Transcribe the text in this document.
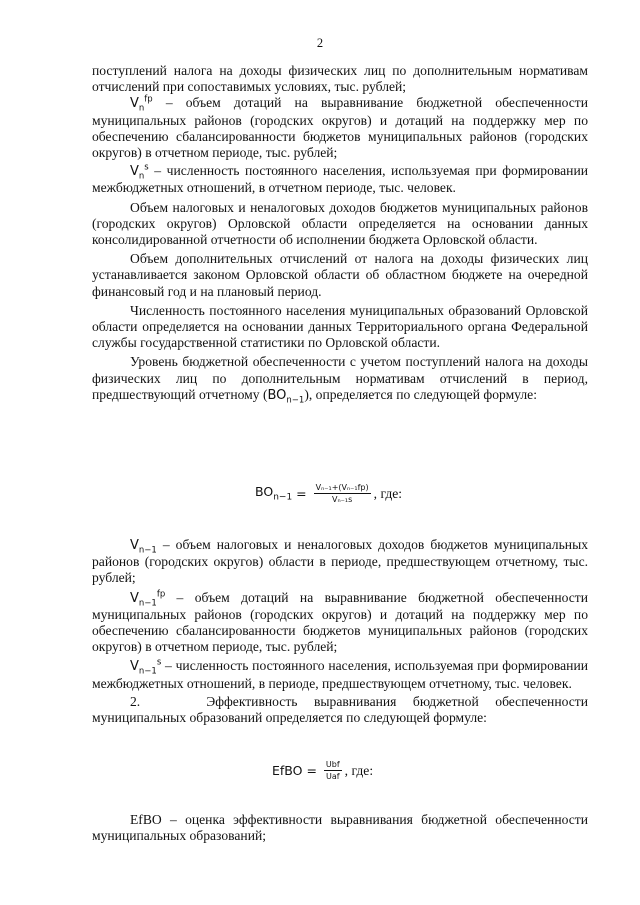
2

поступлений налога на доходы физических лиц по дополнительным нормативам отчислений при сопоставимых условиях, тыс. рублей;

$V_n^{fp}$ – объем дотаций на выравнивание бюджетной обеспеченности муниципальных районов (городских округов) и дотаций на поддержку мер по обеспечению сбалансированности бюджетов муниципальных районов (городских округов) в отчетном периоде, тыс. рублей;

$V_n^s$ – численность постоянного населения, используемая при формировании межбюджетных отношений, в отчетном периоде, тыс. человек.

Объем налоговых и неналоговых доходов бюджетов муниципальных районов (городских округов) Орловской области определяется на основании данных консолидированной отчетности об исполнении бюджета Орловской области.

Объем дополнительных отчислений от налога на доходы физических лиц устанавливается законом Орловской области об областном бюджете на очередной финансовый год и на плановый период.

Численность постоянного населения муниципальных образований Орловской области определяется на основании данных Территориального органа Федеральной службы государственной статистики по Орловской области.

Уровень бюджетной обеспеченности с учетом поступлений налога на доходы физических лиц по дополнительным нормативам отчислений в период, предшествующий отчетному $(BO_{n-1})$, определяется по следующей формуле:

$BO_{n-1} = \frac{\text{Vₙ₋₁+(Vₙ₋₁fp)}}{\text{Vₙ₋₁s}}$ , где:

$V_{n-1}$ – объем налоговых и неналоговых доходов бюджетов муниципальных районов (городских округов) области в периоде, предшествующем отчетному, тыс. рублей;

$V_{n-1}^{fp}$ – объем дотаций на выравнивание бюджетной обеспеченности муниципальных районов (городских округов) и дотаций на поддержку мер по обеспечению сбалансированности бюджетов муниципальных районов (городских округов) в отчетном периоде, тыс. рублей;

$V_{n-1}^s$ – численность постоянного населения, используемая при формировании межбюджетных отношений, в периоде, предшествующем отчетному, тыс. человек.

2.    Эффективность выравнивания бюджетной обеспеченности муниципальных образований определяется по следующей формуле:

EfBO = $\frac{\text{Ubf}}{\text{Uaf}}$ , где:

EfBO – оценка эффективности выравнивания бюджетной обеспеченности муниципальных образований;
